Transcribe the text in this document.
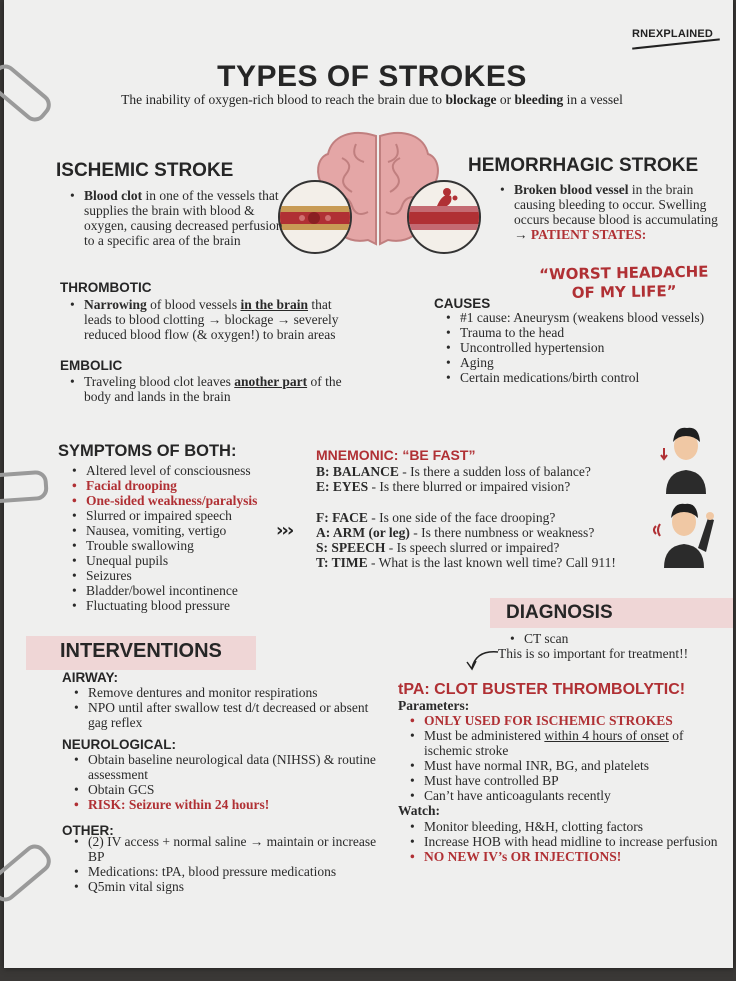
RNEXPLAINED
TYPES OF STROKES
The inability of oxygen-rich blood to reach the brain due to blockage or bleeding in a vessel
ISCHEMIC STROKE
• Blood clot in one of the vessels that supplies the brain with blood & oxygen, causing decreased perfusion to a specific area of the brain
THROMBOTIC
• Narrowing of blood vessels in the brain that leads to blood clotting → blockage → severely reduced blood flow (& oxygen!) to brain areas
EMBOLIC
• Traveling blood clot leaves another part of the body and lands in the brain
HEMORRHAGIC STROKE
• Broken blood vessel in the brain causing bleeding to occur. Swelling occurs because blood is accumulating → PATIENT STATES:
“WORST HEADACHE
OF MY LIFE”
CAUSES
• #1 cause: Aneurysm (weakens blood vessels)
• Trauma to the head
• Uncontrolled hypertension
• Aging
• Certain medications/birth control
SYMPTOMS OF BOTH:
• Altered level of consciousness
• Facial drooping
• One-sided weakness/paralysis
• Slurred or impaired speech
• Nausea, vomiting, vertigo
• Trouble swallowing
• Unequal pupils
• Seizures
• Bladder/bowel incontinence
• Fluctuating blood pressure
›››
MNEMONIC: “BE FAST”
B: BALANCE - Is there a sudden loss of balance?
E: EYES - Is there blurred or impaired vision?
F: FACE - Is one side of the face drooping?
A: ARM (or leg) - Is there numbness or weakness?
S: SPEECH - Is speech slurred or impaired?
T: TIME - What is the last known well time? Call 911!
DIAGNOSIS
• CT scan
This is so important for treatment!!
INTERVENTIONS
AIRWAY:
• Remove dentures and monitor respirations
• NPO until after swallow test d/t decreased or absent gag reflex
NEUROLOGICAL:
• Obtain baseline neurological data (NIHSS) & routine assessment
• Obtain GCS
• RISK: Seizure within 24 hours!
OTHER:
• (2) IV access + normal saline → maintain or increase BP
• Medications: tPA, blood pressure medications
• Q5min vital signs
tPA: CLOT BUSTER THROMBOLYTIC!
Parameters:
• ONLY USED FOR ISCHEMIC STROKES
• Must be administered within 4 hours of onset of ischemic stroke
• Must have normal INR, BG, and platelets
• Must have controlled BP
• Can’t have anticoagulants recently
Watch:
• Monitor bleeding, H&H, clotting factors
• Increase HOB with head midline to increase perfusion
• NO NEW IV’s OR INJECTIONS!
